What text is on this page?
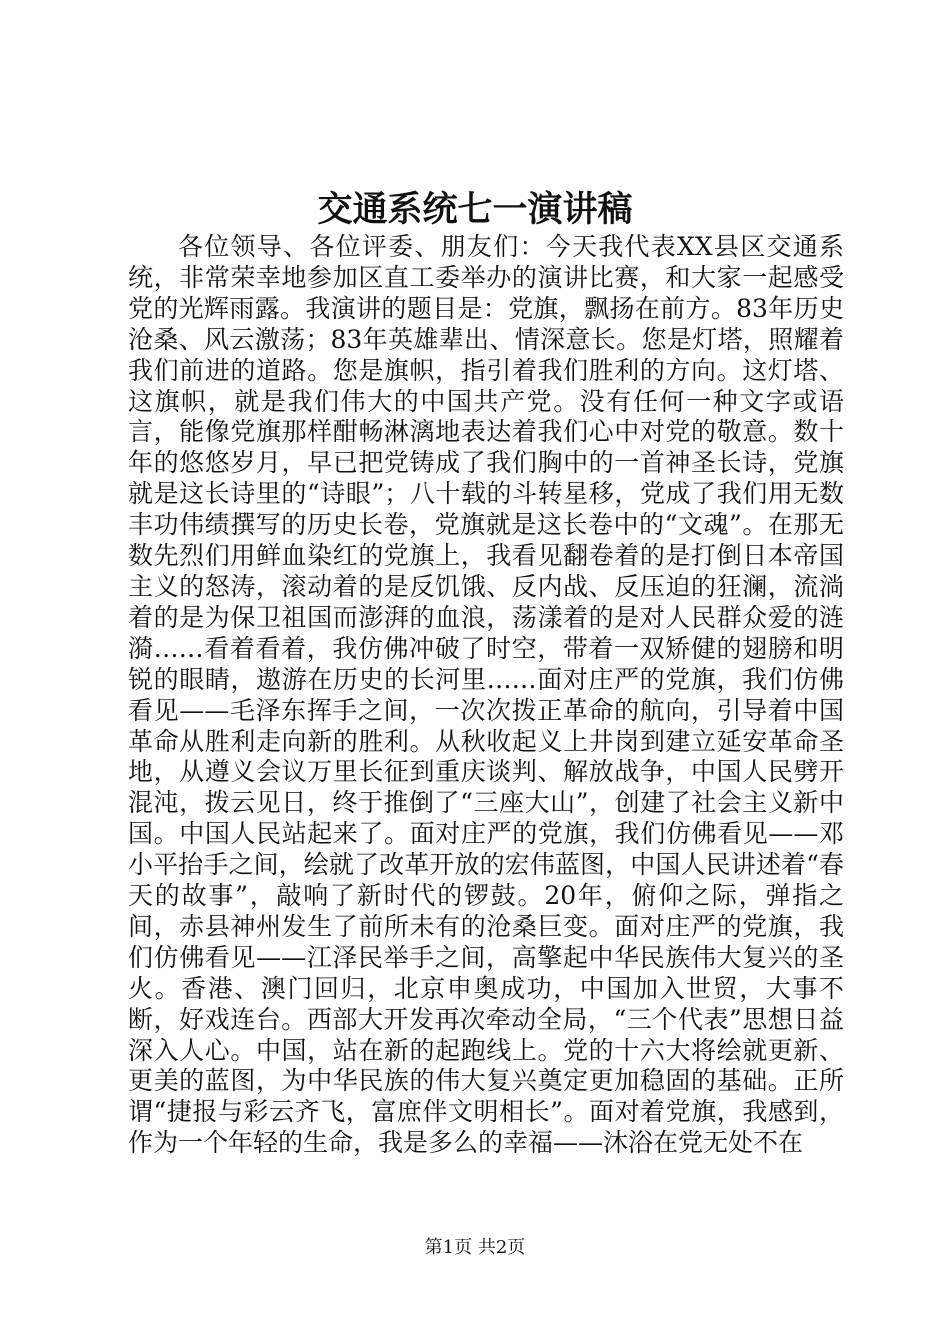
交通系统七一演讲稿

各位领导、各位评委、朋友们：今天我代表XX县区交通系统，非常荣幸地参加区直工委举办的演讲比赛，和大家一起感受党的光辉雨露。我演讲的题目是：党旗，飘扬在前方。83年历史沧桑、风云激荡；83年英雄辈出、情深意长。您是灯塔，照耀着我们前进的道路。您是旗帜，指引着我们胜利的方向。这灯塔、这旗帜，就是我们伟大的中国共产党。没有任何一种文字或语言，能像党旗那样酣畅淋漓地表达着我们心中对党的敬意。数十年的悠悠岁月，早已把党铸成了我们胸中的一首神圣长诗，党旗就是这长诗里的“诗眼”；八十载的斗转星移，党成了我们用无数丰功伟绩撰写的历史长卷，党旗就是这长卷中的“文魂”。在那无数先烈们用鲜血染红的党旗上，我看见翻卷着的是打倒日本帝国主义的怒涛，滚动着的是反饥饿、反内战、反压迫的狂澜，流淌着的是为保卫祖国而澎湃的血浪，荡漾着的是对人民群众爱的涟漪……看着看着，我仿佛冲破了时空，带着一双矫健的翅膀和明锐的眼睛，遨游在历史的长河里……面对庄严的党旗，我们仿佛看见——毛泽东挥手之间，一次次拨正革命的航向，引导着中国革命从胜利走向新的胜利。从秋收起义上井岗到建立延安革命圣地，从遵义会议万里长征到重庆谈判、解放战争，中国人民劈开混沌，拨云见日，终于推倒了“三座大山”，创建了社会主义新中国。中国人民站起来了。面对庄严的党旗，我们仿佛看见——邓小平抬手之间，绘就了改革开放的宏伟蓝图，中国人民讲述着“春天的故事”，敲响了新时代的锣鼓。20年，俯仰之际，弹指之间，赤县神州发生了前所未有的沧桑巨变。面对庄严的党旗，我们仿佛看见——江泽民举手之间，高擎起中华民族伟大复兴的圣火。香港、澳门回归，北京申奥成功，中国加入世贸，大事不断，好戏连台。西部大开发再次牵动全局，“三个代表”思想日益深入人心。中国，站在新的起跑线上。党的十六大将绘就更新、更美的蓝图，为中华民族的伟大复兴奠定更加稳固的基础。正所谓“捷报与彩云齐飞，富庶伴文明相长”。面对着党旗，我感到，作为一个年轻的生命，我是多么的幸福——沐浴在党无处不在

第1页 共2页
